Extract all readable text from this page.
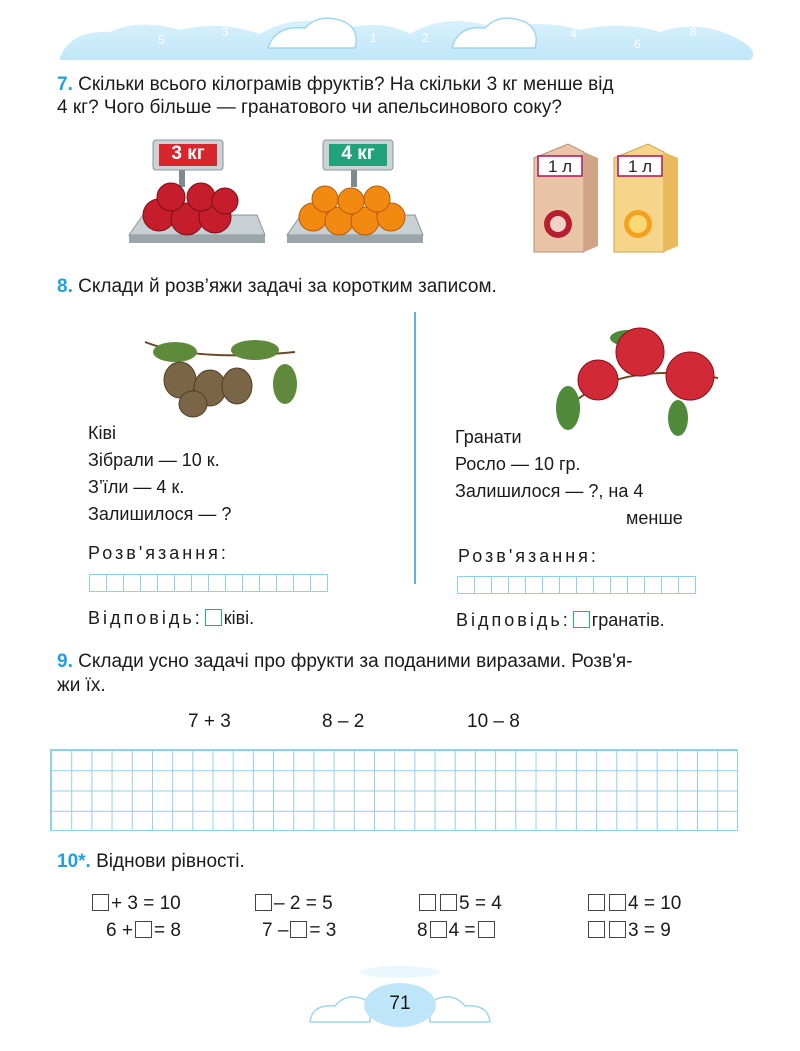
7
5
3	1
0
2	4
6
8
7. Скільки всього кілограмів фруктів? На скільки 3 кг менше від
4 кг? Чого більше — гранатового чи апельсинового соку?
3 кг	4 кг
1 л	1 л
8. Склади й розв’яжи задачі за коротким записом.
Ківі
Зібрали — 10 к.
З’їли — 4 к.
Залишилося — ?
Розв'язання:
Відповідь: ківі.
Гранати
Росло — 10 гр.
Залишилося — ?, на 4
менше
Розв'язання:
Відповідь: гранатів.
9. Склади усно задачі про фрукти за поданими виразами. Розв'я-
жи їх.
7 + 3	8 – 2	10 – 8
10*. Віднови рівності.
+ 3 = 10	– 2 = 5	5 = 4	4 = 10
6 + = 8	7 – = 3	8 4 =	3 = 9
71
